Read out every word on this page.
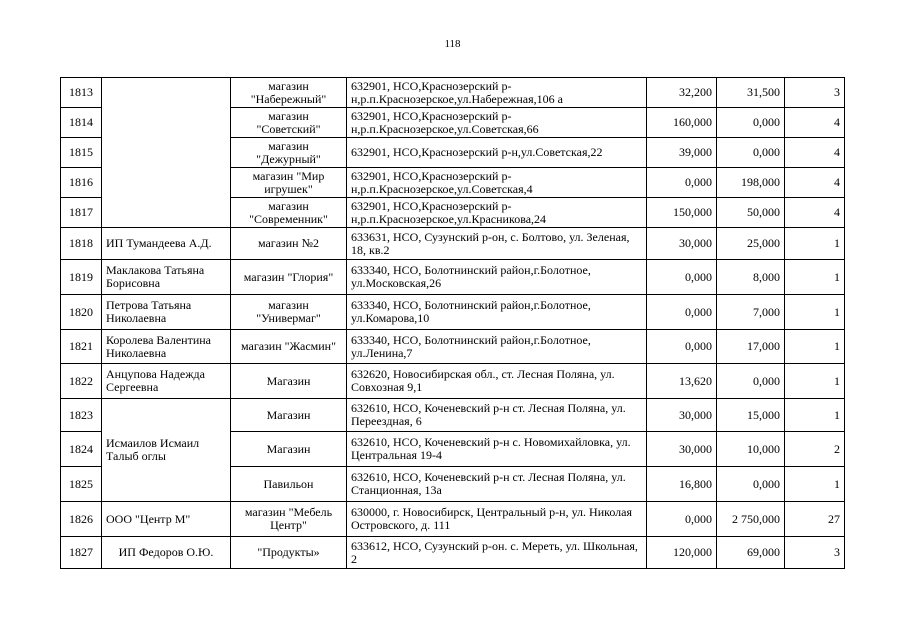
118
1813		магазин "Набережный"	632901, НСО,Краснозерский р-н,р.п.Краснозерское,ул.Набережная,106 а	32,200	31,500	3
1814		магазин "Советский"	632901, НСО,Краснозерский р-н,р.п.Краснозерское,ул.Советская,66	160,000	0,000	4
1815		магазин "Дежурный"	632901, НСО,Краснозерский р-н,ул.Советская,22	39,000	0,000	4
1816		магазин "Мир игрушек"	632901, НСО,Краснозерский р-н,р.п.Краснозерское,ул.Советская,4	0,000	198,000	4
1817		магазин "Современник"	632901, НСО,Краснозерский р-н,р.п.Краснозерское,ул.Красникова,24	150,000	50,000	4
1818	ИП Тумандеева А.Д.	магазин №2	633631, НСО, Сузунский р-он, с. Болтово, ул. Зеленая, 18, кв.2	30,000	25,000	1
1819	Маклакова Татьяна Борисовна	магазин "Глория"	633340, НСО, Болотнинский район,г.Болотное, ул.Московская,26	0,000	8,000	1
1820	Петрова Татьяна Николаевна	магазин "Универмаг"	633340, НСО, Болотнинский район,г.Болотное, ул.Комарова,10	0,000	7,000	1
1821	Королева Валентина Николаевна	магазин "Жасмин"	633340, НСО, Болотнинский район,г.Болотное, ул.Ленина,7	0,000	17,000	1
1822	Анцупова Надежда Сергеевна	Магазин	632620, Новосибирская обл., ст. Лесная Поляна, ул. Совхозная 9,1	13,620	0,000	1
1823	Исмаилов Исмаил Талыб оглы	Магазин	632610, НСО, Коченевский р-н ст. Лесная Поляна, ул. Переездная, 6	30,000	15,000	1
1824		Магазин	632610, НСО, Коченевский р-н с. Новомихайловка, ул. Центральная 19-4	30,000	10,000	2
1825		Павильон	632610, НСО, Коченевский р-н ст. Лесная Поляна, ул. Станционная, 13а	16,800	0,000	1
1826	ООО "Центр М"	магазин "Мебель Центр"	630000, г. Новосибирск, Центральный р-н, ул. Николая Островского, д. 111	0,000	2 750,000	27
1827	ИП Федоров О.Ю.	"Продукты»	633612, НСО, Сузунский р-он. с. Мереть, ул. Школьная, 2	120,000	69,000	3
